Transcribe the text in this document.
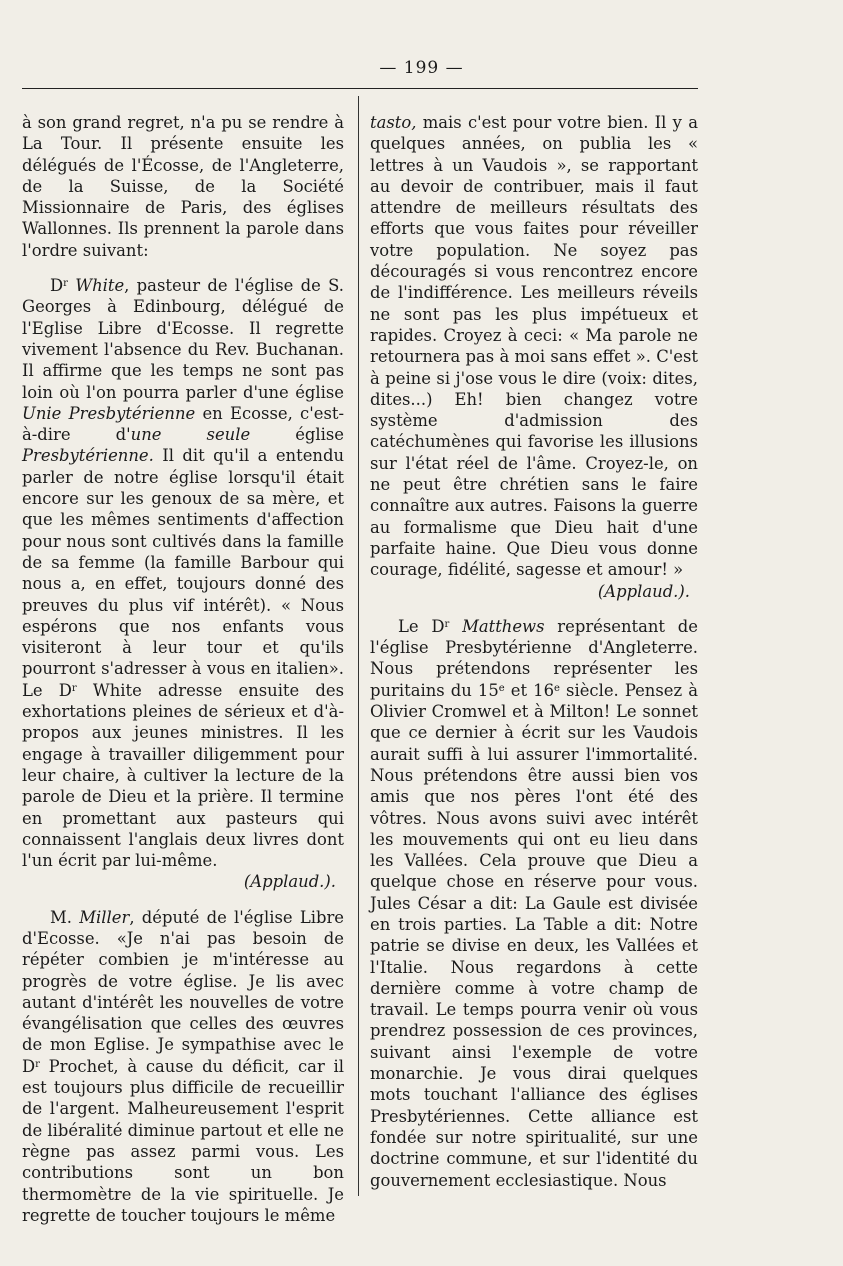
— 199 —

à son grand regret, n'a pu se rendre à La Tour. Il présente ensuite les délégués de l'Écosse, de l'Angleterre, de la Suisse, de la Société Missionnaire de Paris, des églises Wallonnes. Ils prennent la parole dans l'ordre suivant:

$D^r$ White, pasteur de l'église de S. Georges à Edinbourg, délégué de l'Eglise Libre d'Ecosse. Il regrette vivement l'absence du Rev. Buchanan. Il affirme que les temps ne sont pas loin où l'on pourra parler d'une église Unie Presbytérienne en Ecosse, c'est-à-dire d'une seule église Presbytérienne. Il dit qu'il a entendu parler de notre église lorsqu'il était encore sur les genoux de sa mère, et que les mêmes sentiments d'affection pour nous sont cultivés dans la famille de sa femme (la famille Barbour qui nous a, en effet, toujours donné des preuves du plus vif intérêt). « Nous espérons que nos enfants vous visiteront à leur tour et qu'ils pourront s'adresser à vous en italien». Le $D^r$ White adresse ensuite des exhortations pleines de sérieux et d'à-propos aux jeunes ministres. Il les engage à travailler diligemment pour leur chaire, à cultiver la lecture de la parole de Dieu et la prière. Il termine en promettant aux pasteurs qui connaissent l'anglais deux livres dont l'un écrit par lui-même.
(Applaud.).

M. Miller, député de l'église Libre d'Ecosse. «Je n'ai pas besoin de répéter combien je m'intéresse au progrès de votre église. Je lis avec autant d'intérêt les nouvelles de votre évangélisation que celles des œuvres de mon Eglise. Je sympathise avec le $D^r$ Prochet, à cause du déficit, car il est toujours plus difficile de recueillir de l'argent. Malheureusement l'esprit de libéralité diminue partout et elle ne règne pas assez parmi vous. Les contributions sont un bon thermomètre de la vie spirituelle. Je regrette de toucher toujours le même

tasto, mais c'est pour votre bien. Il y a quelques années, on publia les « lettres à un Vaudois », se rapportant au devoir de contribuer, mais il faut attendre de meilleurs résultats des efforts que vous faites pour réveiller votre population. Ne soyez pas découragés si vous rencontrez encore de l'indifférence. Les meilleurs réveils ne sont pas les plus impétueux et rapides. Croyez à ceci: « Ma parole ne retournera pas à moi sans effet ». C'est à peine si j'ose vous le dire (voix: dites, dites...) Eh! bien changez votre système d'admission des catéchumènes qui favorise les illusions sur l'état réel de l'âme. Croyez-le, on ne peut être chrétien sans le faire connaître aux autres. Faisons la guerre au formalisme que Dieu hait d'une parfaite haine. Que Dieu vous donne courage, fidélité, sagesse et amour! »
(Applaud.).

Le $D^r$ Matthews représentant de l'église Presbytérienne d'Angleterre. Nous prétendons représenter les puritains du 15e et 16e siècle. Pensez à Olivier Cromwel et à Milton! Le sonnet que ce dernier à écrit sur les Vaudois aurait suffi à lui assurer l'immortalité. Nous prétendons être aussi bien vos amis que nos pères l'ont été des vôtres. Nous avons suivi avec intérêt les mouvements qui ont eu lieu dans les Vallées. Cela prouve que Dieu a quelque chose en réserve pour vous. Jules César a dit: La Gaule est divisée en trois parties. La Table a dit: Notre patrie se divise en deux, les Vallées et l'Italie. Nous regardons à cette dernière comme à votre champ de travail. Le temps pourra venir où vous prendrez possession de ces provinces, suivant ainsi l'exemple de votre monarchie. Je vous dirai quelques mots touchant l'alliance des églises Presbytériennes. Cette alliance est fondée sur notre spiritualité, sur une doctrine commune, et sur l'identité du gouvernement ecclesiastique. Nous
